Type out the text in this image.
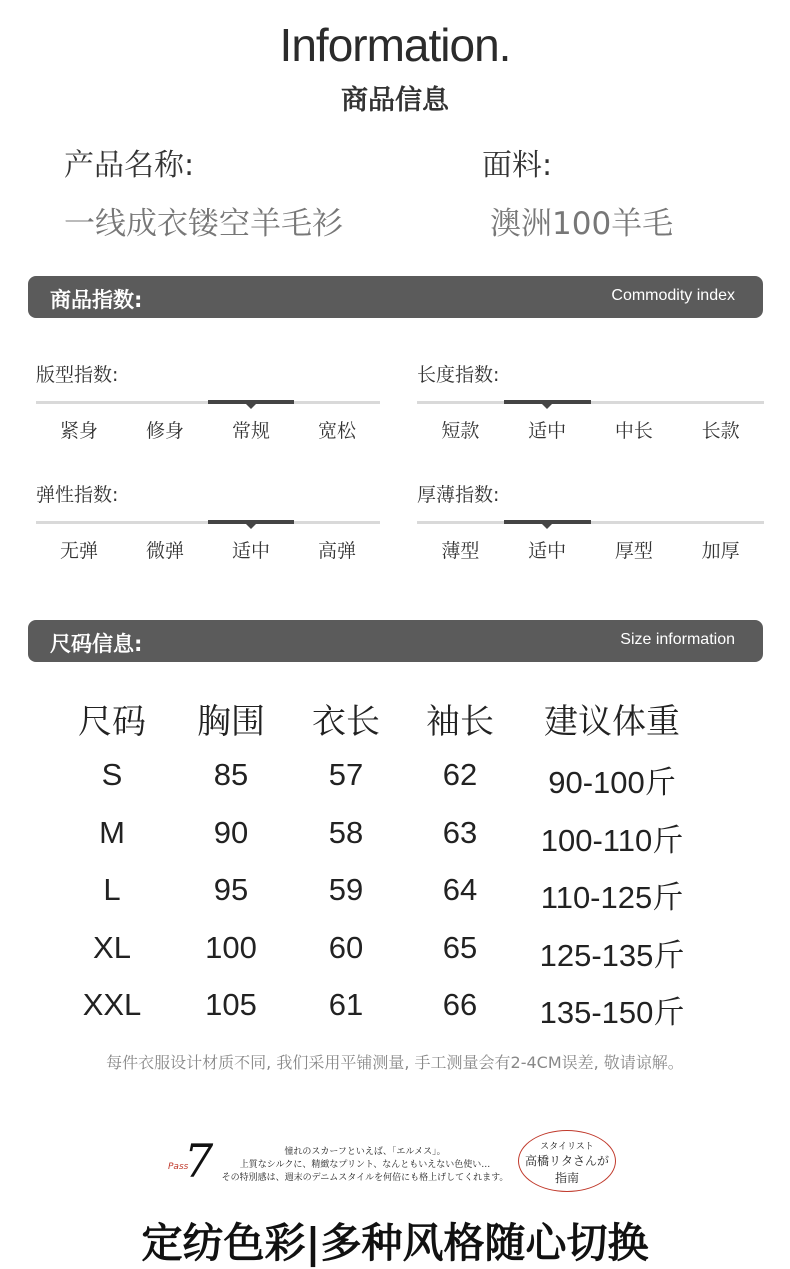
Information.
商品信息
产品名称:
一线成衣镂空羊毛衫
面料:
澳洲100羊毛
商品指数:	Commodity index
版型指数:
紧身	修身	常规	宽松
长度指数:
短款	适中	中长	长款
弹性指数:
无弹	微弹	适中	高弹
厚薄指数:
薄型	适中	厚型	加厚
尺码信息:	Size information
尺码	胸围	衣长	袖长	建议体重
S	85	57	62	90-100斤
M	90	58	63	100-110斤
L	95	59	64	110-125斤
XL	100	60	65	125-135斤
XXL	105	61	66	135-150斤
每件衣服设计材质不同, 我们采用平铺测量, 手工测量会有2-4CM误差, 敬请谅解。
Pass
7	憧れのスカーフといえば、「エルメス」。
上質なシルクに、精緻なプリント、なんともいえない色使い…
その特別感は、週末のデニムスタイルを何倍にも格上げしてくれます。
スタイリスト
高橋リタさんが
指南
定纺色彩|多种风格随心切换
